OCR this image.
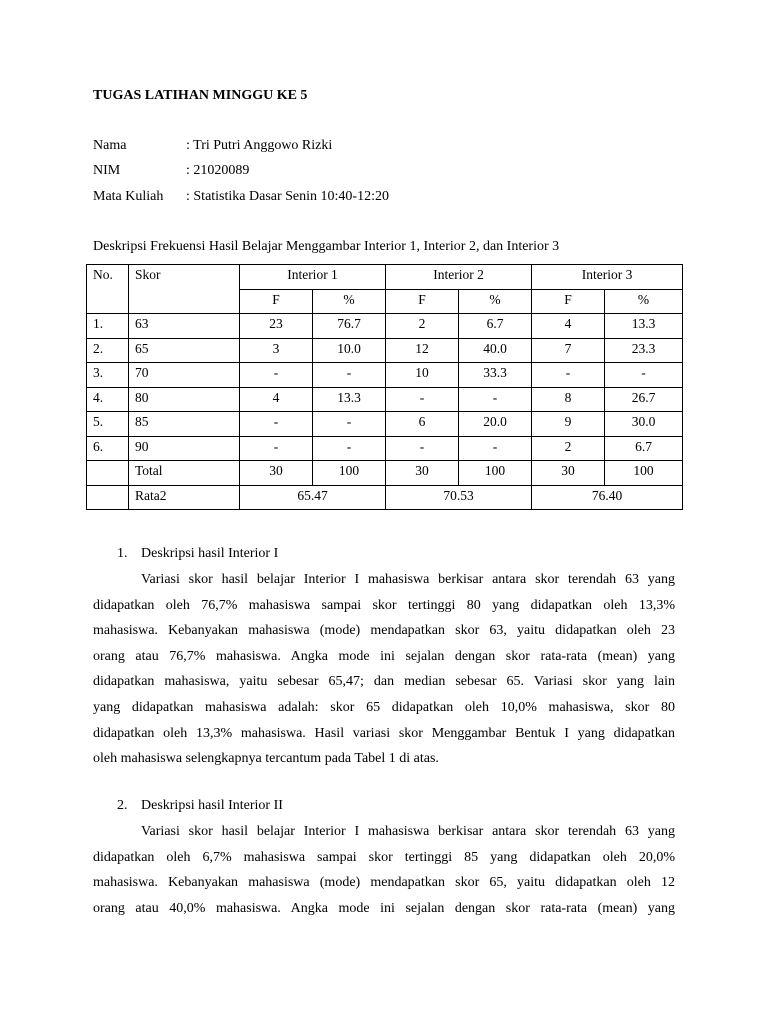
TUGAS LATIHAN MINGGU KE 5
Nama	: Tri Putri Anggowo Rizki
NIM	: 21020089
Mata Kuliah : Statistika Dasar Senin 10:40-12:20
Deskripsi Frekuensi Hasil Belajar Menggambar Interior 1, Interior 2, dan Interior 3
No.	Skor	Interior 1		Interior 2		Interior 3	
		F	%	F	%	F	%
1.	63	23	76.7	2	6.7	4	13.3
2.	65	3	10.0	12	40.0	7	23.3
3.	70	-	-	10	33.3	-	-
4.	80	4	13.3	-	-	8	26.7
5.	85	-	-	6	20.0	9	30.0
6.	90	-	-	-	-	2	6.7
	Total	30	100	30	100	30	100
	Rata2	65.47		70.53		76.40	
1. Deskripsi hasil Interior I
Variasi skor hasil belajar Interior I mahasiswa berkisar antara skor terendah 63 yang
didapatkan oleh 76,7% mahasiswa sampai skor tertinggi 80 yang didapatkan oleh 13,3%
mahasiswa. Kebanyakan mahasiswa (mode) mendapatkan skor 63, yaitu didapatkan oleh 23
orang atau 76,7% mahasiswa. Angka mode ini sejalan dengan skor rata-rata (mean) yang
didapatkan mahasiswa, yaitu sebesar 65,47; dan median sebesar 65. Variasi skor yang lain
yang didapatkan mahasiswa adalah: skor 65 didapatkan oleh 10,0% mahasiswa, skor 80
didapatkan oleh 13,3% mahasiswa. Hasil variasi skor Menggambar Bentuk I yang didapatkan
oleh mahasiswa selengkapnya tercantum pada Tabel 1 di atas.
2. Deskripsi hasil Interior II
Variasi skor hasil belajar Interior I mahasiswa berkisar antara skor terendah 63 yang
didapatkan oleh 6,7% mahasiswa sampai skor tertinggi 85 yang didapatkan oleh 20,0%
mahasiswa. Kebanyakan mahasiswa (mode) mendapatkan skor 65, yaitu didapatkan oleh 12
orang atau 40,0% mahasiswa. Angka mode ini sejalan dengan skor rata-rata (mean) yang
